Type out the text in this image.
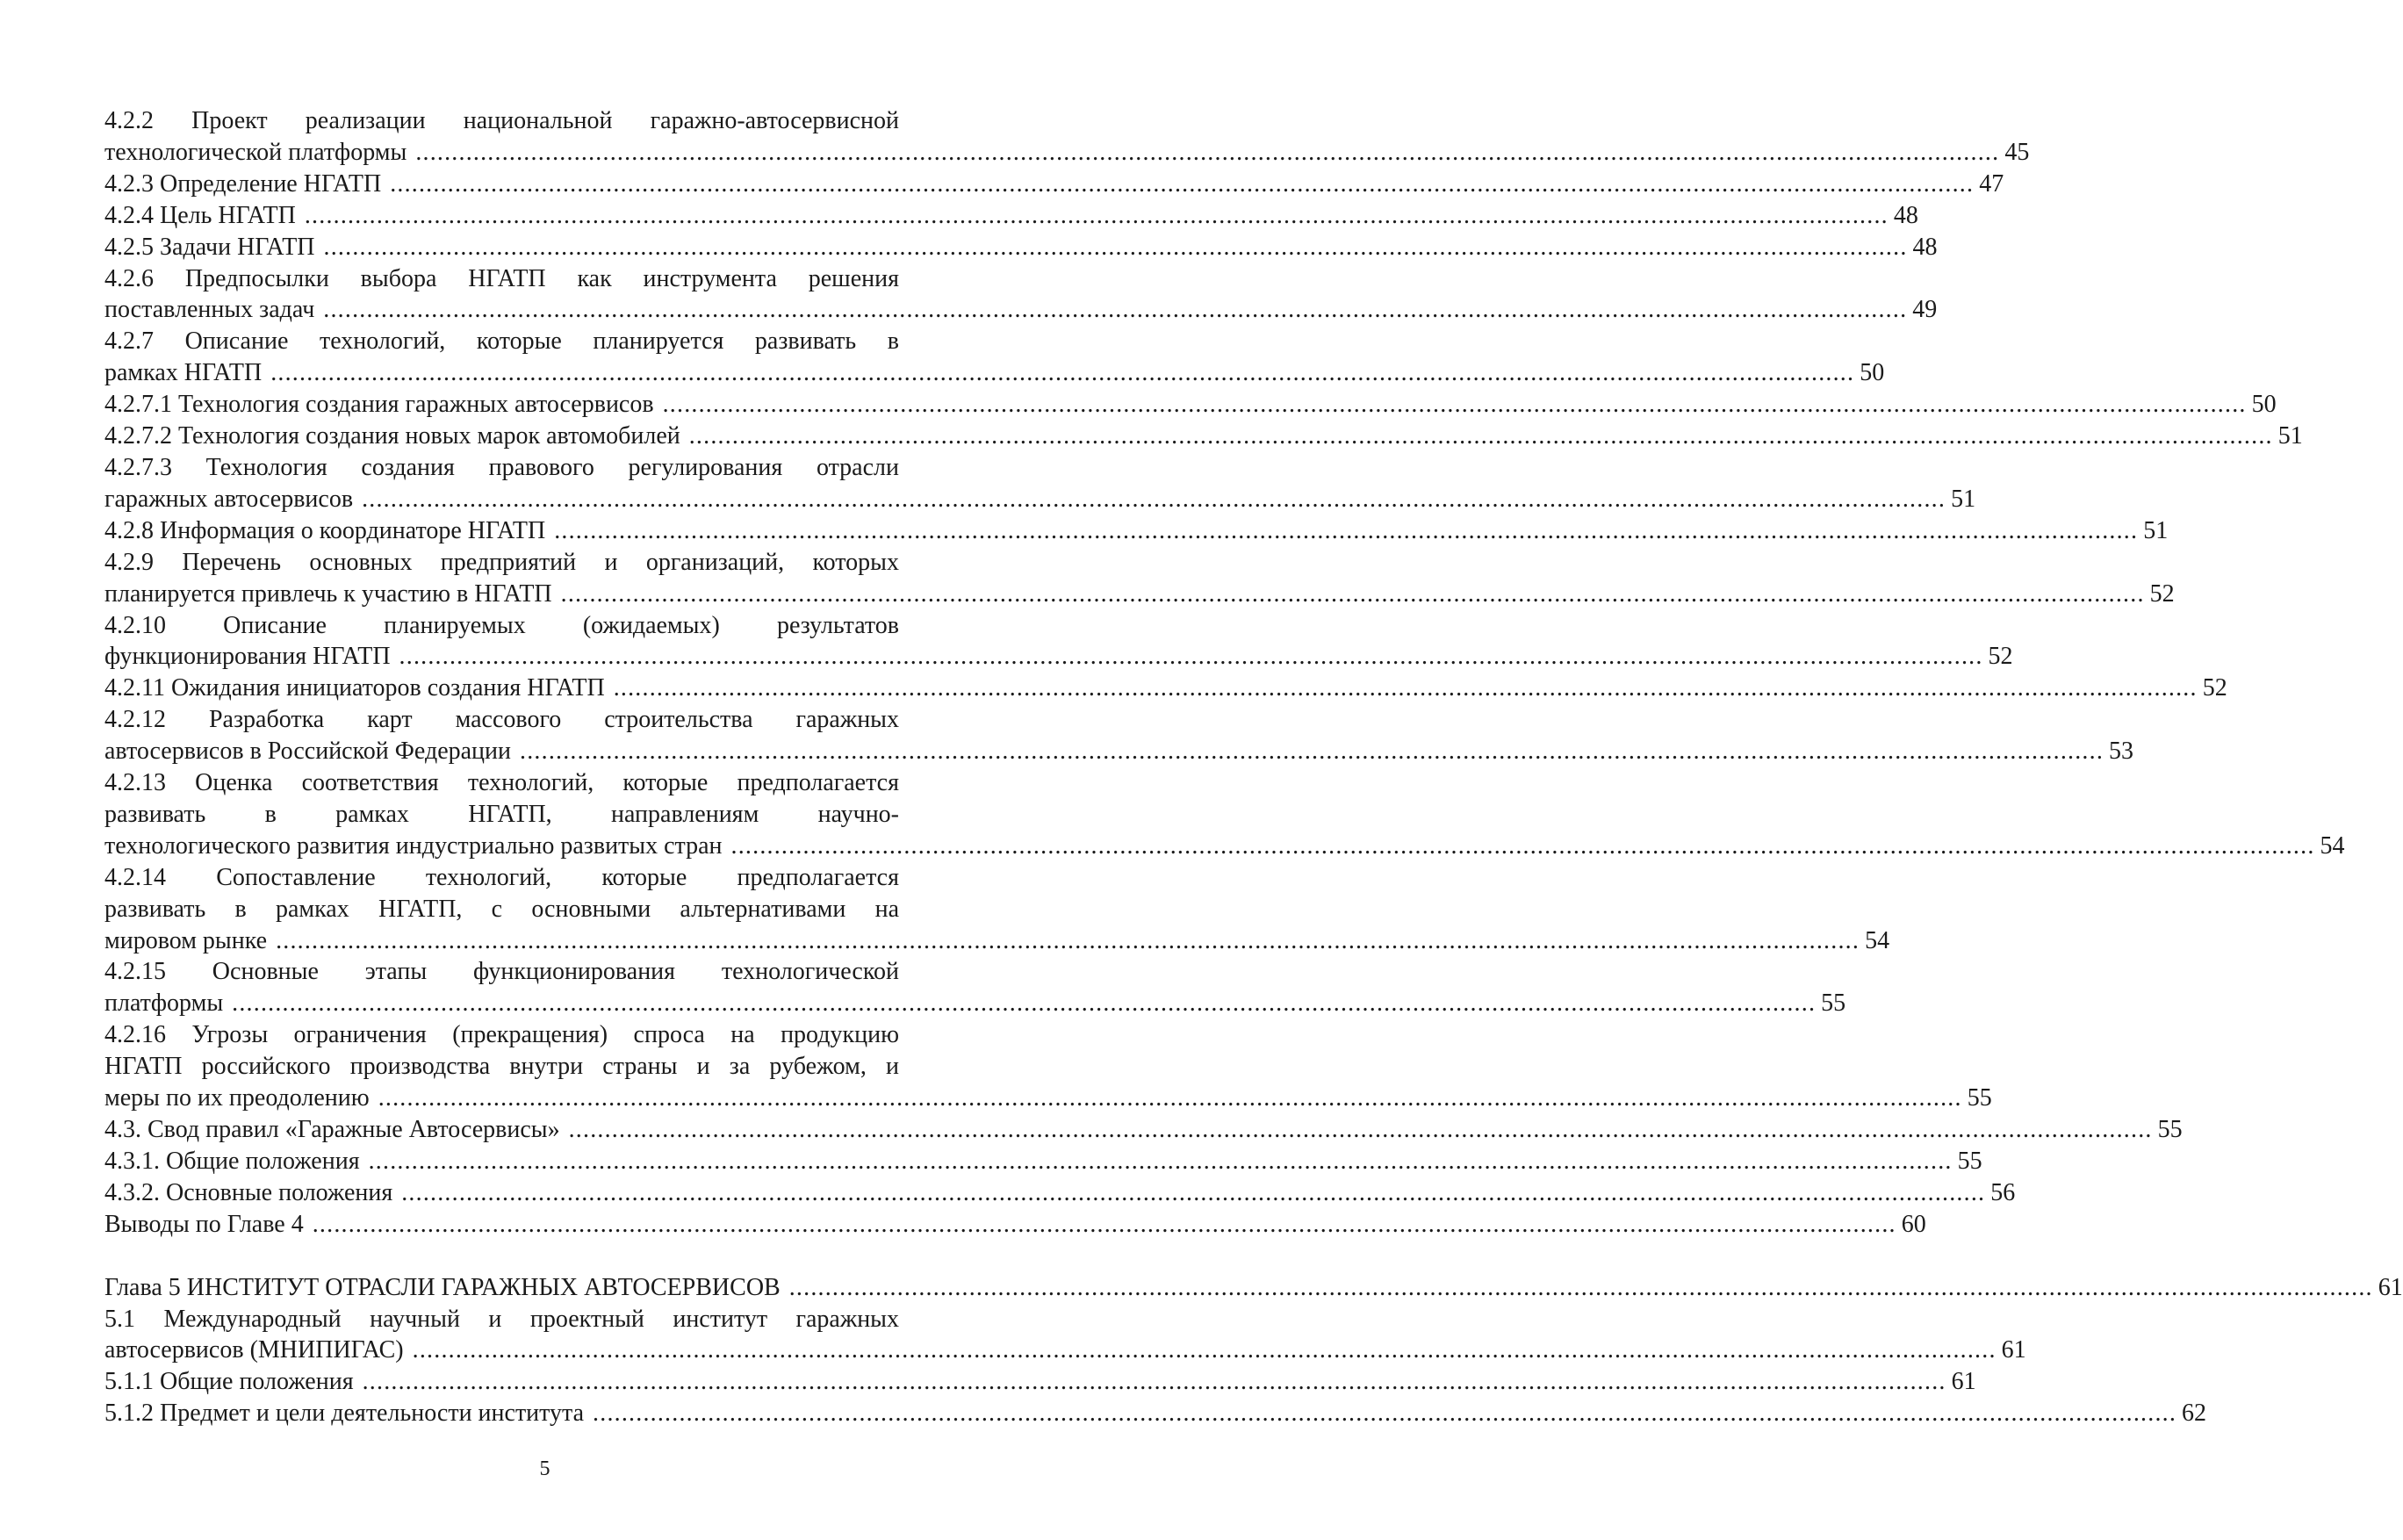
4.2.2 Проект реализации национальной гаражно-автосервисной
технологической платформы ............................................................................................................................................................................................................................ 45
4.2.3 Определение НГАТП ............................................................................................................................................................................................................................ 47
4.2.4 Цель НГАТП ............................................................................................................................................................................................................................ 48
4.2.5 Задачи НГАТП ............................................................................................................................................................................................................................ 48
4.2.6 Предпосылки выбора НГАТП как инструмента решения
поставленных задач ............................................................................................................................................................................................................................ 49
4.2.7 Описание технологий, которые планируется развивать в
рамках НГАТП ............................................................................................................................................................................................................................ 50
4.2.7.1 Технология создания гаражных автосервисов ............................................................................................................................................................................................................................ 50
4.2.7.2 Технология создания новых марок автомобилей ............................................................................................................................................................................................................................ 51
4.2.7.3 Технология создания правового регулирования отрасли
гаражных автосервисов ............................................................................................................................................................................................................................ 51
4.2.8 Информация о координаторе НГАТП ............................................................................................................................................................................................................................ 51
4.2.9 Перечень основных предприятий и организаций, которых
планируется привлечь к участию в НГАТП ............................................................................................................................................................................................................................ 52
4.2.10 Описание планируемых (ожидаемых) результатов
функционирования НГАТП ............................................................................................................................................................................................................................ 52
4.2.11 Ожидания инициаторов создания НГАТП ............................................................................................................................................................................................................................ 52
4.2.12 Разработка карт массового строительства гаражных
автосервисов в Российской Федерации ............................................................................................................................................................................................................................ 53
4.2.13 Оценка соответствия технологий, которые предполагается
развивать в рамках НГАТП, направлениям научно-
технологического развития индустриально развитых стран ............................................................................................................................................................................................................................ 54
4.2.14 Сопоставление технологий, которые предполагается
развивать в рамках НГАТП, с основными альтернативами на
мировом рынке ............................................................................................................................................................................................................................ 54
4.2.15 Основные этапы функционирования технологической
платформы ............................................................................................................................................................................................................................ 55
4.2.16 Угрозы ограничения (прекращения) спроса на продукцию
НГАТП российского производства внутри страны и за рубежом, и
меры по их преодолению ............................................................................................................................................................................................................................ 55
4.3. Свод правил «Гаражные Автосервисы» ............................................................................................................................................................................................................................ 55
4.3.1. Общие положения ............................................................................................................................................................................................................................ 55
4.3.2. Основные положения ............................................................................................................................................................................................................................ 56
Выводы по Главе 4 ............................................................................................................................................................................................................................ 60
Глава 5 ИНСТИТУТ ОТРАСЛИ ГАРАЖНЫХ АВТОСЕРВИСОВ ............................................................................................................................................................................................................................ 61
5.1 Международный научный и проектный институт гаражных
автосервисов (МНИПИГАС) ............................................................................................................................................................................................................................ 61
5.1.1 Общие положения ............................................................................................................................................................................................................................ 61
5.1.2 Предмет и цели деятельности института ............................................................................................................................................................................................................................ 62
5
